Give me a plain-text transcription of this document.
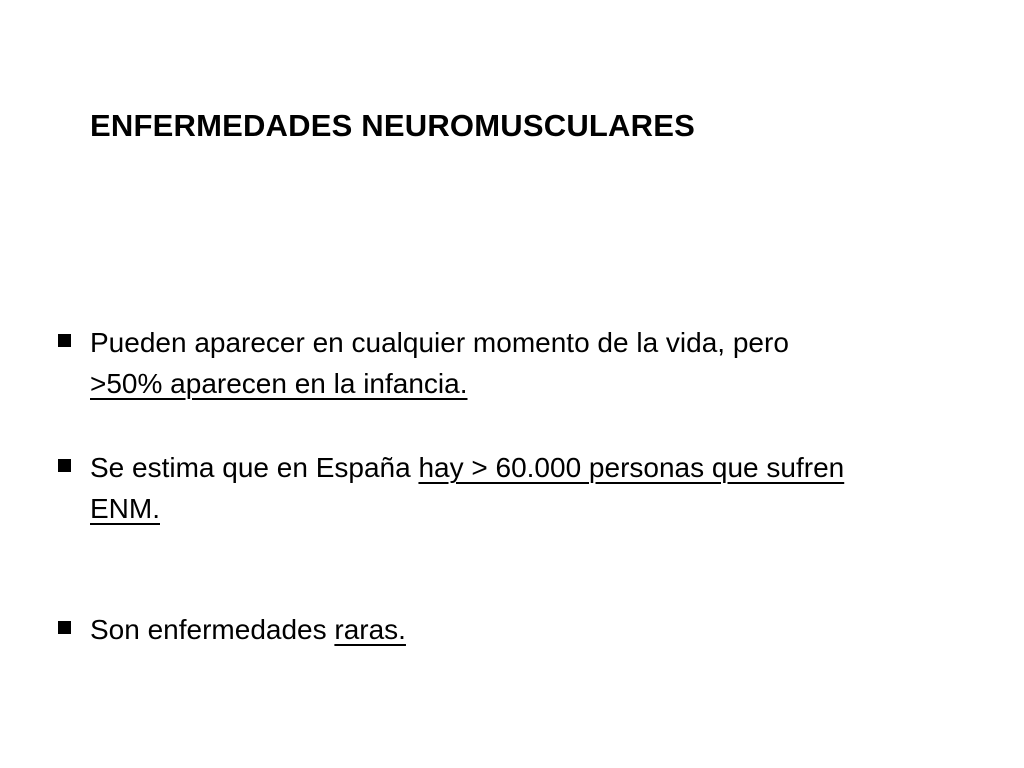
ENFERMEDADES NEUROMUSCULARES

Pueden aparecer en cualquier momento de la vida, pero
>50% aparecen en la infancia.

Se estima que en España hay > 60.000 personas que sufren
ENM.

Son enfermedades raras.
